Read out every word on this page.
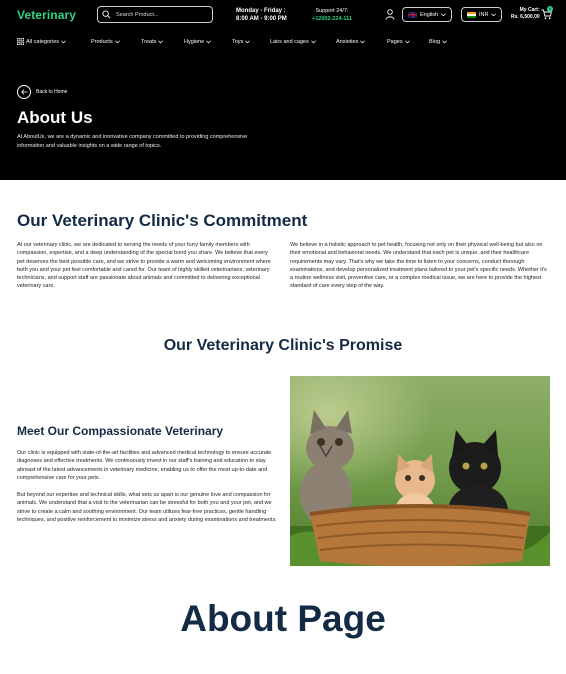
Veterinary	Search Product...
Monday - Friday :
8:00 AM - 9:00 PM
Support 24/7:
+12002-224-111
English	INR
My Cart:
Rs. 6,500.00
0
All categories	Products	Treats	Hygiene	Toys	Lairs and cages	Anxieties	Pages	Blog
Back to Home
About Us

At AboutUs, we are a dynamic and innovative company committed to providing comprehensive information and valuable insights on a wide range of topics.

Our Veterinary Clinic's Commitment

At our veterinary clinic, we are dedicated to serving the needs of your furry family members with compassion, expertise, and a deep understanding of the special bond you share. We believe that every pet deserves the best possible care, and we strive to provide a warm and welcoming environment where both you and your pet feel comfortable and cared for. Our team of highly skilled veterinarians, veterinary technicians, and support staff are passionate about animals and committed to delivering exceptional veterinary care.

We believe in a holistic approach to pet health, focusing not only on their physical well-being but also on their emotional and behavioral needs. We understand that each pet is unique, and their healthcare requirements may vary. That's why we take the time to listen to your concerns, conduct thorough examinations, and develop personalized treatment plans tailored to your pet's specific needs. Whether it's a routine wellness visit, preventive care, or a complex medical issue, we are here to provide the highest standard of care every step of the way.

Our Veterinary Clinic's Promise
Meet Our Compassionate Veterinary

Our clinic is equipped with state-of-the-art facilities and advanced medical technology to ensure accurate diagnoses and effective treatments. We continuously invest in our staff's training and education to stay abreast of the latest advancements in veterinary medicine, enabling us to offer the most up-to-date and comprehensive care for your pets.

But beyond our expertise and technical skills, what sets us apart is our genuine love and compassion for animals. We understand that a visit to the veterinarian can be stressful for both you and your pet, and we strive to create a calm and soothing environment. Our team utilizes fear-free practices, gentle handling techniques, and positive reinforcement to minimize stress and anxiety during examinations and treatments.

About Page
